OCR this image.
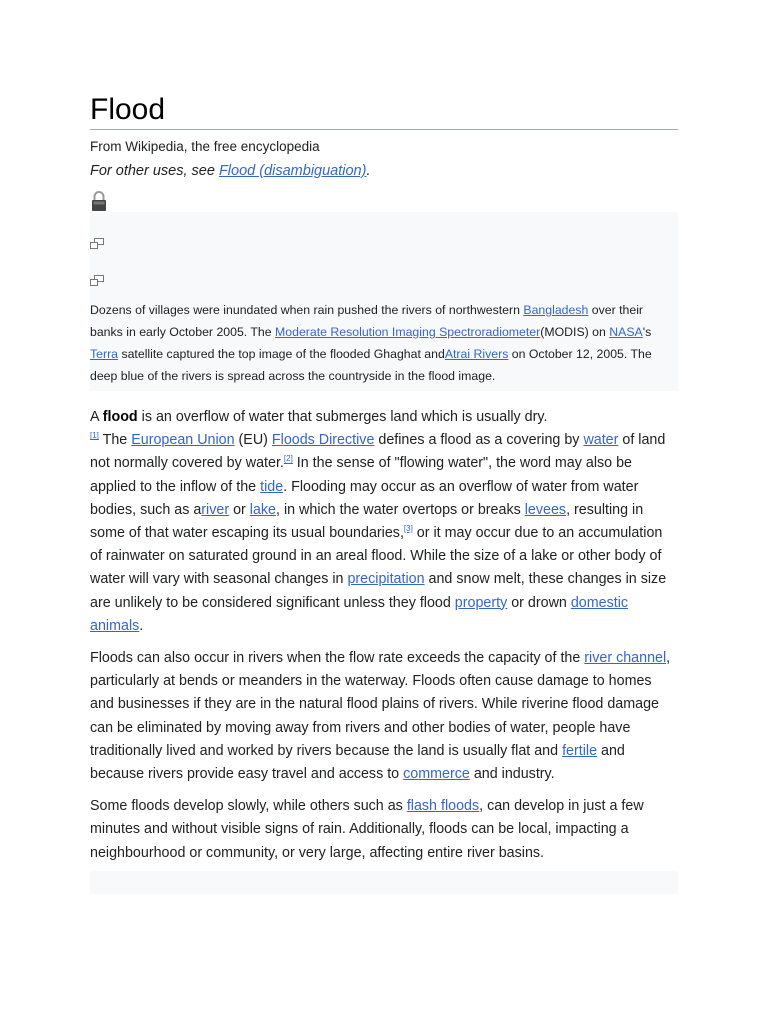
Flood
From Wikipedia, the free encyclopedia
For other uses, see Flood (disambiguation).
Dozens of villages were inundated when rain pushed the rivers of northwestern Bangladesh over their banks in early October 2005. The Moderate Resolution Imaging Spectroradiometer(MODIS) on NASA's Terra satellite captured the top image of the flooded Ghaghat andAtrai Rivers on October 12, 2005. The deep blue of the rivers is spread across the countryside in the flood image.

A flood is an overflow of water that submerges land which is usually dry.
[1] The European Union (EU) Floods Directive defines a flood as a covering by water of land not normally covered by water.[2] In the sense of "flowing water", the word may also be applied to the inflow of the tide. Flooding may occur as an overflow of water from water bodies, such as ariver or lake, in which the water overtops or breaks levees, resulting in some of that water escaping its usual boundaries,[3] or it may occur due to an accumulation of rainwater on saturated ground in an areal flood. While the size of a lake or other body of water will vary with seasonal changes in precipitation and snow melt, these changes in size are unlikely to be considered significant unless they flood property or drown domestic animals.

Floods can also occur in rivers when the flow rate exceeds the capacity of the river channel, particularly at bends or meanders in the waterway. Floods often cause damage to homes and businesses if they are in the natural flood plains of rivers. While riverine flood damage can be eliminated by moving away from rivers and other bodies of water, people have traditionally lived and worked by rivers because the land is usually flat and fertile and because rivers provide easy travel and access to commerce and industry.

Some floods develop slowly, while others such as flash floods, can develop in just a few minutes and without visible signs of rain. Additionally, floods can be local, impacting a neighbourhood or community, or very large, affecting entire river basins.
